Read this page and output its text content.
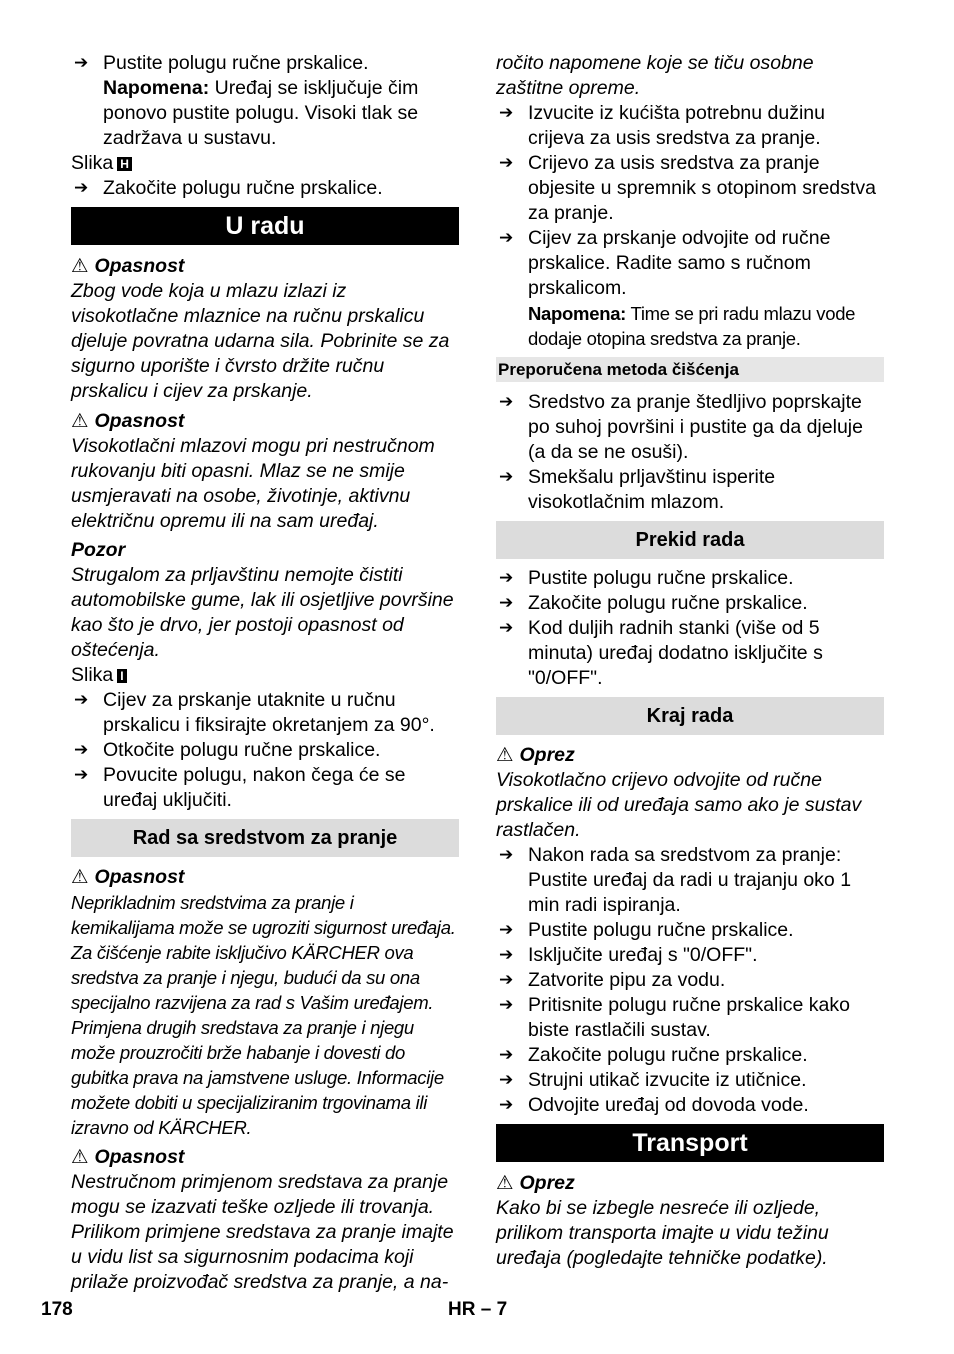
➔ Pustite polugu ručne prskalice.

Napomena: Uređaj se isključuje čim ponovo pustite polugu. Visoki tlak se zadržava u sustavu.

Slika H

➔ Zakočite polugu ručne prskalice.

U radu

⚠ Opasnost

Zbog vode koja u mlazu izlazi iz visokotlačne mlaznice na ručnu prskalicu djeluje povratna udarna sila. Pobrinite se za sigurno uporište i čvrsto držite ručnu prskalicu i cijev za prskanje.

⚠ Opasnost

Visokotlačni mlazovi mogu pri nestručnom rukovanju biti opasni. Mlaz se ne smije usmjeravati na osobe, životinje, aktivnu električnu opremu ili na sam uređaj.

Pozor

Strugalom za prljavštinu nemojte čistiti automobilske gume, lak ili osjetljive površine kao što je drvo, jer postoji opasnost od oštećenja.

Slika I

➔ Cijev za prskanje utaknite u ručnu prskalicu i fiksirajte okretanjem za 90°.

➔ Otkočite polugu ručne prskalice.

➔ Povucite polugu, nakon čega će se uređaj uključiti.

Rad sa sredstvom za pranje

⚠ Opasnost

Neprikladnim sredstvima za pranje i kemikalijama može se ugroziti sigurnost uređaja. Za čišćenje rabite isključivo KÄRCHER ova sredstva za pranje i njegu, budući da su ona specijalno razvijena za rad s Vašim uređajem. Primjena drugih sredstava za pranje i njegu može prouzročiti brže habanje i dovesti do gubitka prava na jamstvene usluge. Informacije možete dobiti u specijaliziranim trgovinama ili izravno od KÄRCHER.

⚠ Opasnost

Nestručnom primjenom sredstava za pranje mogu se izazvati teške ozljede ili trovanja. Prilikom primjene sredstava za pranje imajte u vidu list sa sigurnosnim podacima koji prilaže proizvođač sredstva za pranje, a na-

ročito napomene koje se tiču osobne zaštitne opreme.

➔ Izvucite iz kućišta potrebnu dužinu crijeva za usis sredstva za pranje.

➔ Crijevo za usis sredstva za pranje objesite u spremnik s otopinom sredstva za pranje.

➔ Cijev za prskanje odvojite od ručne prskalice. Radite samo s ručnom prskalicom.

Napomena: Time se pri radu mlazu vode dodaje otopina sredstva za pranje.

Preporučena metoda čišćenja

➔ Sredstvo za pranje štedljivo poprskajte po suhoj površini i pustite ga da djeluje (a da se ne osuši).

➔ Smekšalu prljavštinu isperite visokotlačnim mlazom.

Prekid rada

➔ Pustite polugu ručne prskalice.

➔ Zakočite polugu ručne prskalice.

➔ Kod duljih radnih stanki (više od 5 minuta) uređaj dodatno isključite s "0/OFF".

Kraj rada

⚠ Oprez

Visokotlačno crijevo odvojite od ručne prskalice ili od uređaja samo ako je sustav rastlačen.

➔ Nakon rada sa sredstvom za pranje: Pustite uređaj da radi u trajanju oko 1 min radi ispiranja.

➔ Pustite polugu ručne prskalice.

➔ Isključite uređaj s "0/OFF".

➔ Zatvorite pipu za vodu.

➔ Pritisnite polugu ručne prskalice kako biste rastlačili sustav.

➔ Zakočite polugu ručne prskalice.

➔ Strujni utikač izvucite iz utičnice.

➔ Odvojite uređaj od dovoda vode.

Transport

⚠ Oprez

Kako bi se izbegle nesreće ili ozljede, prilikom transporta imajte u vidu težinu uređaja (pogledajte tehničke podatke).

178	HR – 7
